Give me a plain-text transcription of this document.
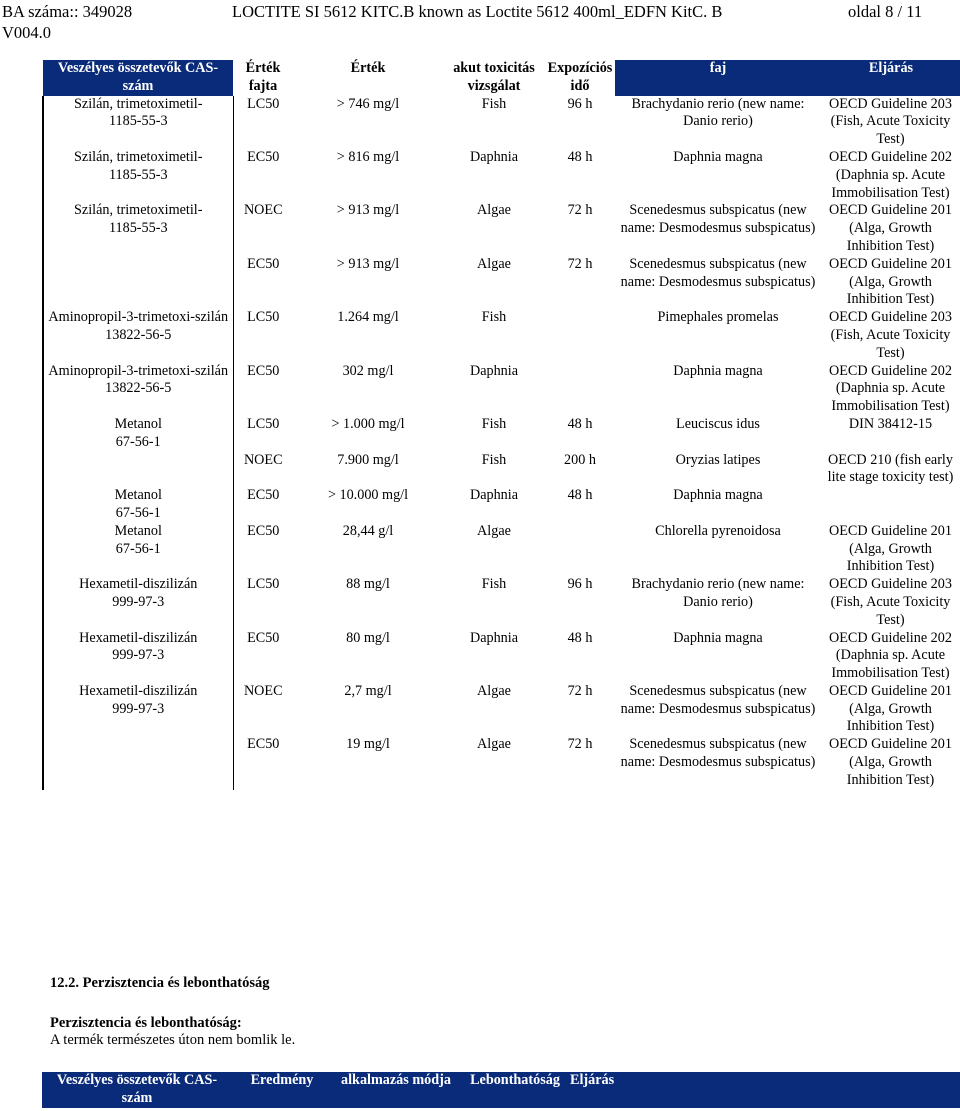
BA száma:: 349028	LOCTITE SI 5612 KITC.B known as Loctite 5612 400ml_EDFN KitC. B	oldal 8 / 11
V004.0
Veszélyes összetevők CAS-szám	Érték fajta	Érték	akut toxicitás vizsgálat	Expozíciós idő	faj	Eljárás

Szilán, trimetoximetil-
1185-55-3	LC50	> 746 mg/l	Fish	96 h	Brachydanio rerio (new name: Danio rerio)	OECD Guideline 203 (Fish, Acute Toxicity Test)

Szilán, trimetoximetil-
1185-55-3	EC50	> 816 mg/l	Daphnia	48 h	Daphnia magna	OECD Guideline 202 (Daphnia sp. Acute Immobilisation Test)

Szilán, trimetoximetil-
1185-55-3	NOEC	> 913 mg/l	Algae	72 h	Scenedesmus subspicatus (new name: Desmodesmus subspicatus)	OECD Guideline 201 (Alga, Growth Inhibition Test)

	EC50	> 913 mg/l	Algae	72 h	Scenedesmus subspicatus (new name: Desmodesmus subspicatus)	OECD Guideline 201 (Alga, Growth Inhibition Test)

Aminopropil-3-trimetoxi-szilán
13822-56-5	LC50	1.264 mg/l	Fish		Pimephales promelas	OECD Guideline 203 (Fish, Acute Toxicity Test)

Aminopropil-3-trimetoxi-szilán
13822-56-5	EC50	302 mg/l	Daphnia		Daphnia magna	OECD Guideline 202 (Daphnia sp. Acute Immobilisation Test)

Metanol
67-56-1	LC50	> 1.000 mg/l	Fish	48 h	Leuciscus idus	DIN 38412-15

	NOEC	7.900 mg/l	Fish	200 h	Oryzias latipes	OECD 210 (fish early lite stage toxicity test)

Metanol
67-56-1	EC50	> 10.000 mg/l	Daphnia	48 h	Daphnia magna	

Metanol
67-56-1	EC50	28,44 g/l	Algae		Chlorella pyrenoidosa	OECD Guideline 201 (Alga, Growth Inhibition Test)

Hexametil-diszilizán
999-97-3	LC50	88 mg/l	Fish	96 h	Brachydanio rerio (new name: Danio rerio)	OECD Guideline 203 (Fish, Acute Toxicity Test)

Hexametil-diszilizán
999-97-3	EC50	80 mg/l	Daphnia	48 h	Daphnia magna	OECD Guideline 202 (Daphnia sp. Acute Immobilisation Test)

Hexametil-diszilizán
999-97-3	NOEC	2,7 mg/l	Algae	72 h	Scenedesmus subspicatus (new name: Desmodesmus subspicatus)	OECD Guideline 201 (Alga, Growth Inhibition Test)

	EC50	19 mg/l	Algae	72 h	Scenedesmus subspicatus (new name: Desmodesmus subspicatus)	OECD Guideline 201 (Alga, Growth Inhibition Test)
12.2. Perzisztencia és lebonthatóság
Perzisztencia és lebonthatóság:
A termék természetes úton nem bomlik le.
Veszélyes összetevők CAS-szám	Eredmény	alkalmazás módja	Lebonthatóság	Eljárás
